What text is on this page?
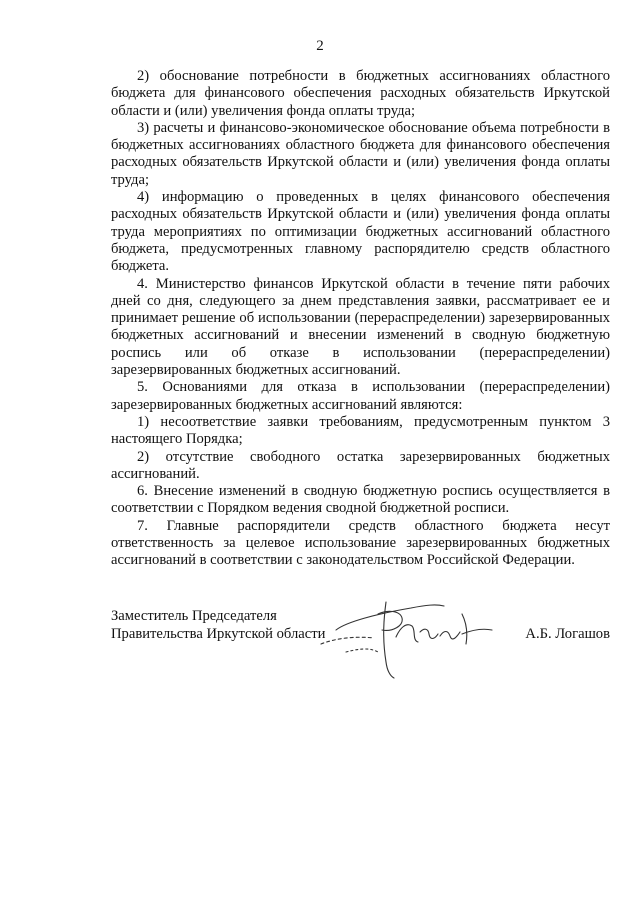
2

2) обоснование потребности в бюджетных ассигнованиях областного бюджета для финансового обеспечения расходных обязательств Иркутской области и (или) увеличения фонда оплаты труда;

3) расчеты и финансово-экономическое обоснование объема потребности в бюджетных ассигнованиях областного бюджета для финансового обеспечения расходных обязательств Иркутской области и (или) увеличения фонда оплаты труда;

4) информацию о проведенных в целях финансового обеспечения расходных обязательств Иркутской области и (или) увеличения фонда оплаты труда мероприятиях по оптимизации бюджетных ассигнований областного бюджета, предусмотренных главному распорядителю средств областного бюджета.

4. Министерство финансов Иркутской области в течение пяти рабочих дней со дня, следующего за днем представления заявки, рассматривает ее и принимает решение об использовании (перераспределении) зарезервированных бюджетных ассигнований и внесении изменений в сводную бюджетную роспись или об отказе в использовании (перераспределении) зарезервированных бюджетных ассигнований.

5. Основаниями для отказа в использовании (перераспределении) зарезервированных бюджетных ассигнований являются:

1) несоответствие заявки требованиям, предусмотренным пунктом 3 настоящего Порядка;

2) отсутствие свободного остатка зарезервированных бюджетных ассигнований.

6. Внесение изменений в сводную бюджетную роспись осуществляется в соответствии с Порядком ведения сводной бюджетной росписи.

7. Главные распорядители средств областного бюджета несут ответственность за целевое использование зарезервированных бюджетных ассигнований в соответствии с законодательством Российской Федерации.

Заместитель Председателя
Правительства Иркутской области	А.Б. Логашов
